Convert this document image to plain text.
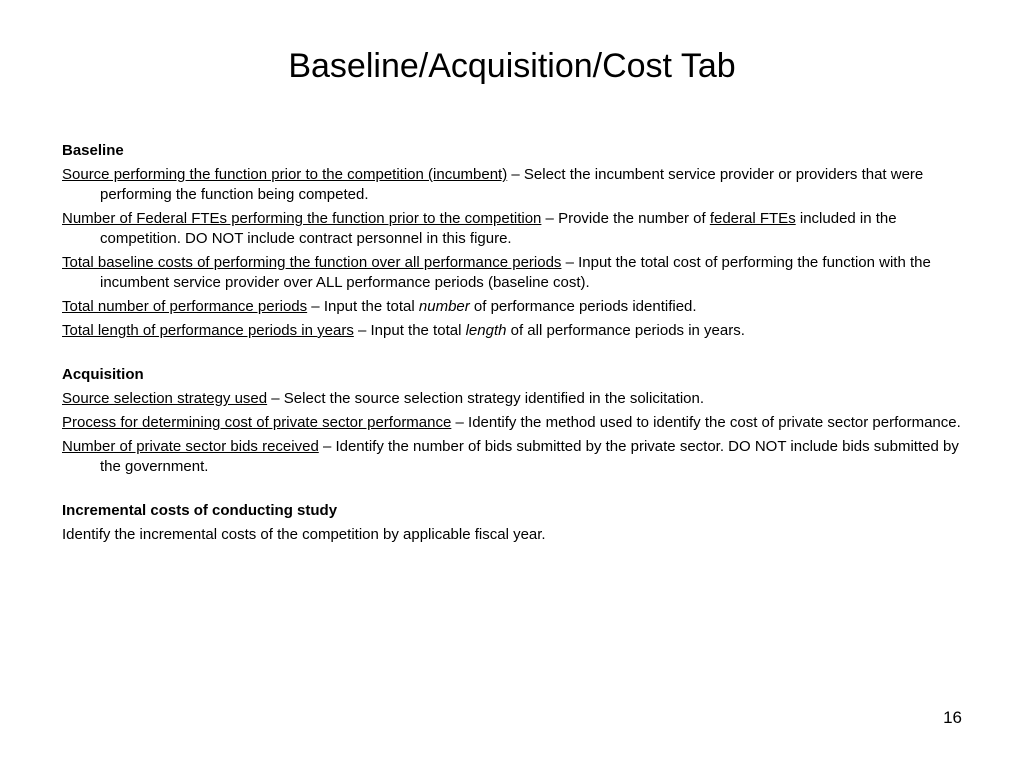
Baseline/Acquisition/Cost Tab

Baseline

Source performing the function prior to the competition (incumbent) – Select the incumbent service provider or providers that were performing the function being competed.

Number of Federal FTEs performing the function prior to the competition – Provide the number of federal FTEs included in the competition. DO NOT include contract personnel in this figure.

Total baseline costs of performing the function over all performance periods – Input the total cost of performing the function with the incumbent service provider over ALL performance periods (baseline cost).

Total number of performance periods – Input the total number of performance periods identified.

Total length of performance periods in years – Input the total length of all performance periods in years.

Acquisition

Source selection strategy used – Select the source selection strategy identified in the solicitation.

Process for determining cost of private sector performance – Identify the method used to identify the cost of private sector performance.

Number of private sector bids received – Identify the number of bids submitted by the private sector. DO NOT include bids submitted by the government.

Incremental costs of conducting study

Identify the incremental costs of the competition by applicable fiscal year.

16
